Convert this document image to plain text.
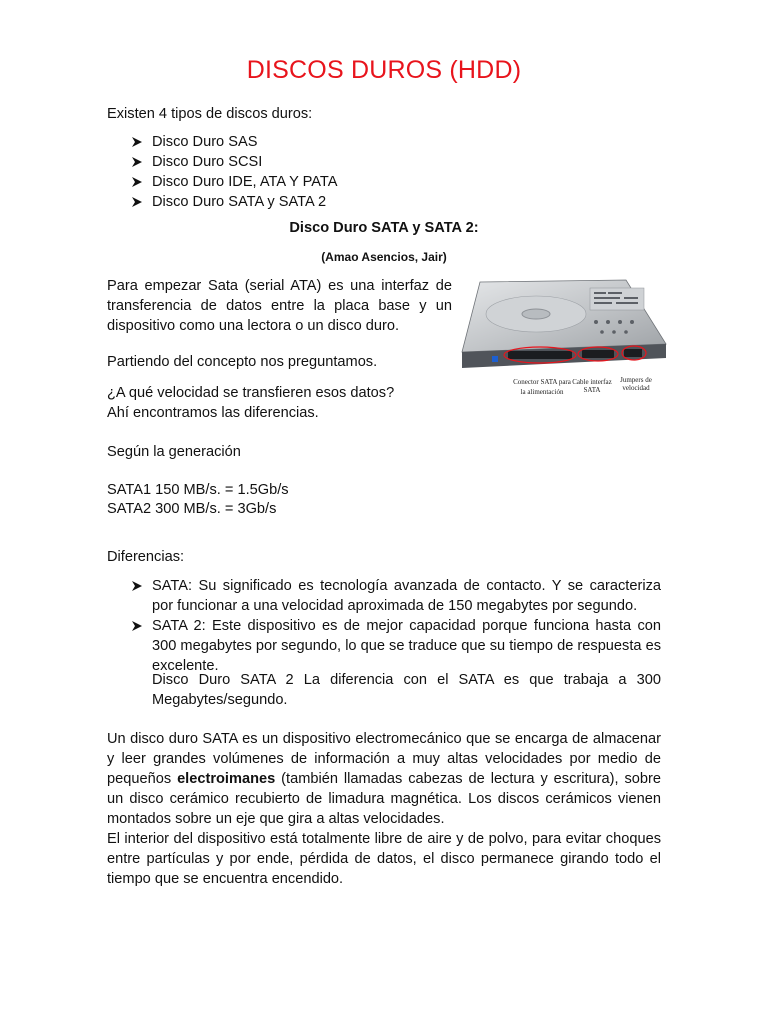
DISCOS DUROS (HDD)

Existen 4 tipos de discos duros:

Disco Duro SAS
Disco Duro SCSI
Disco Duro IDE, ATA Y PATA
Disco Duro SATA y SATA 2
Disco Duro SATA y SATA 2:
(Amao Asencios, Jair)

Para empezar Sata (serial ATA) es una interfaz de transferencia de datos entre la placa base y un dispositivo como una lectora o un disco duro.

Partiendo del concepto nos preguntamos.

¿A qué velocidad se transfieren esos datos?

Ahí encontramos las diferencias.

Según la generación

SATA1 150 MB/s. = 1.5Gb/s

SATA2 300 MB/s. = 3Gb/s

Diferencias:

SATA: Su significado es tecnología avanzada de contacto. Y se caracteriza por funcionar a una velocidad aproximada de 150 megabytes por segundo.
SATA 2: Este dispositivo es de mejor capacidad porque funciona hasta con 300 megabytes por segundo, lo que se traduce que su tiempo de respuesta es excelente.

Disco Duro SATA 2 La diferencia con el SATA es que trabaja a 300 Megabytes/segundo.

Un disco duro SATA es un dispositivo electromecánico que se encarga de almacenar y leer grandes volúmenes de información a muy altas velocidades por medio de pequeños electroimanes (también llamadas cabezas de lectura y escritura), sobre un disco cerámico recubierto de limadura magnética. Los discos cerámicos vienen montados sobre un eje que gira a altas velocidades.
El interior del dispositivo está totalmente libre de aire y de polvo, para evitar choques entre partículas y por ende, pérdida de datos, el disco permanece girando todo el tiempo que se encuentra encendido.
Conector SATA para
la alimentación
Cable interfaz
SATA
Jumpers de
velocidad
